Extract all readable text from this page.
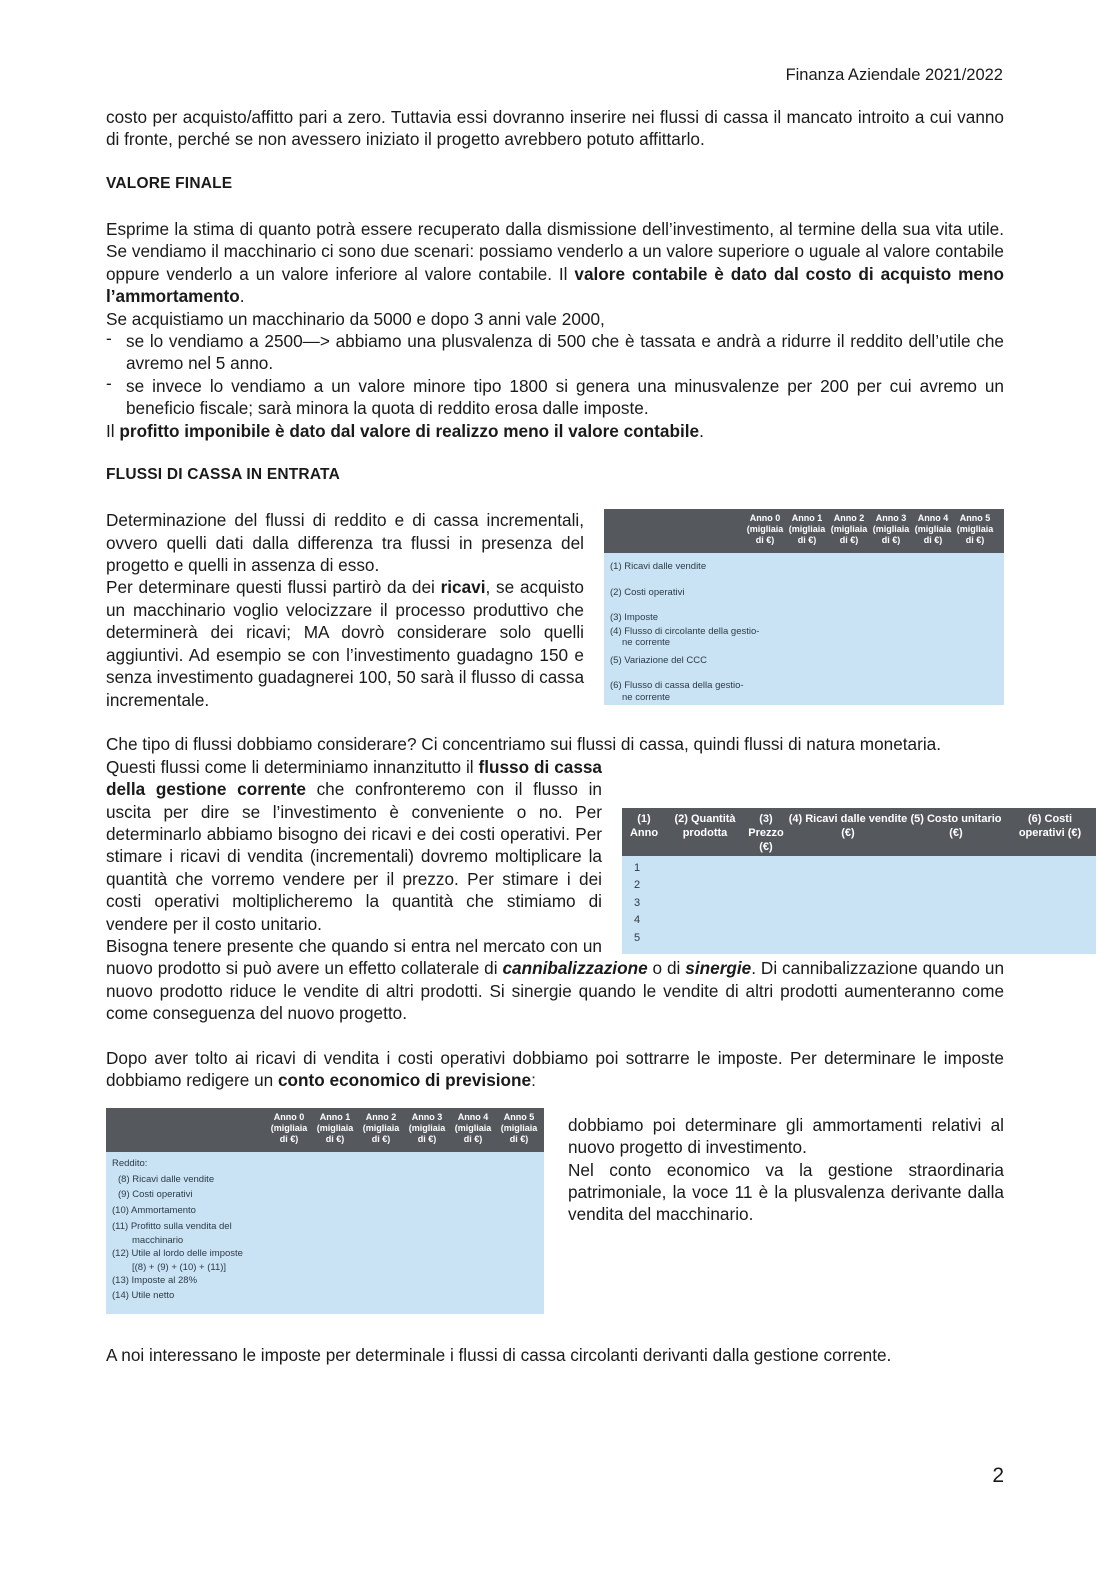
Finanza Aziendale 2021/2022

costo per acquisto/affitto pari a zero. Tuttavia essi dovranno inserire nei flussi di cassa il mancato introito a cui vanno di fronte, perché se non avessero iniziato il progetto avrebbero potuto affittarlo.

VALORE FINALE

Esprime la stima di quanto potrà essere recuperato dalla dismissione dell’investimento, al termine della sua vita utile. Se vendiamo il macchinario ci sono due scenari: possiamo venderlo a un valore superiore o uguale al valore contabile oppure venderlo a un valore inferiore al valore contabile. Il valore contabile è dato dal costo di acquisto meno l’ammortamento.

Se acquistiamo un macchinario da 5000 e dopo 3 anni vale 2000,

- se lo vendiamo a 2500—> abbiamo una plusvalenza di 500 che è tassata e andrà a ridurre il reddito dell’utile che avremo nel 5 anno.
- se invece lo vendiamo a un valore minore tipo 1800 si genera una minusvalenze per 200 per cui avremo un beneficio fiscale; sarà minora la quota di reddito erosa dalle imposte.

Il profitto imponibile è dato dal valore di realizzo meno il valore contabile.

FLUSSI DI CASSA IN ENTRATA

Anno 0 (migliaia di €)
Anno 1 (migliaia di €)
Anno 2 (migliaia di €)
Anno 3 (migliaia di €)
Anno 4 (migliaia di €)
Anno 5 (migliaia di €)
(1) Ricavi dalle vendite
(2) Costi operativi
(3) Imposte
(4) Flusso di circolante della gestio-
ne corrente
(5) Variazione del CCC
(6) Flusso di cassa della gestio-
ne corrente

Determinazione del flussi di reddito e di cassa incrementali, ovvero quelli dati dalla differenza tra flussi in presenza del progetto e quelli in assenza di esso.

Per determinare questi flussi partirò da dei ricavi, se acquisto un macchinario voglio velocizzare il processo produttivo che determinerà dei ricavi; MA dovrò considerare solo quelli aggiuntivi. Ad esempio se con l’investimento guadagno 150 e senza investimento guadagnerei 100, 50 sarà il flusso di cassa incrementale.

Che tipo di flussi dobbiamo considerare? Ci concentriamo sui flussi di cassa, quindi flussi di natura monetaria.

(1) Anno
(2) Quantità prodotta
(3) Prezzo (€)
(4) Ricavi dalle vendite (€)
(5) Costo unitario (€)
(6) Costi operativi (€)
1
2
3
4
5

Questi flussi come li determiniamo innanzitutto il flusso di cassa della gestione corrente che confronteremo con il flusso in uscita per dire se l’investimento è conveniente o no. Per determinarlo abbiamo bisogno dei ricavi e dei costi operativi. Per stimare i ricavi di vendita (incrementali) dovremo moltiplicare la quantità che vorremo vendere per il prezzo. Per stimare i dei costi operativi moltiplicheremo la quantità che stimiamo di vendere per il costo unitario.

Bisogna tenere presente che quando si entra nel mercato con un nuovo prodotto si può avere un effetto collaterale di cannibalizzazione o di sinergie. Di cannibalizzazione quando un nuovo prodotto riduce le vendite di altri prodotti. Si sinergie quando le vendite di altri prodotti aumenteranno come come conseguenza del nuovo progetto.

Dopo aver tolto ai ricavi di vendita i costi operativi dobbiamo poi sottrarre le imposte. Per determinare le imposte dobbiamo redigere un conto economico di previsione:

Anno 0 (migliaia di €)
Anno 1 (migliaia di €)
Anno 2 (migliaia di €)
Anno 3 (migliaia di €)
Anno 4 (migliaia di €)
Anno 5 (migliaia di €)
Reddito:
(8) Ricavi dalle vendite
(9) Costi operativi
(10) Ammortamento
(11) Profitto sulla vendita del
macchinario
(12) Utile al lordo delle imposte
[(8) + (9) + (10) + (11)]
(13) Imposte al 28%
(14) Utile netto

dobbiamo poi determinare gli ammortamenti relativi al nuovo progetto di investimento.

Nel conto economico va la gestione straordinaria patrimoniale, la voce 11 è la plusvalenza derivante dalla vendita del macchinario.

A noi interessano le imposte per determinale i flussi di cassa circolanti derivanti dalla gestione corrente.

2
